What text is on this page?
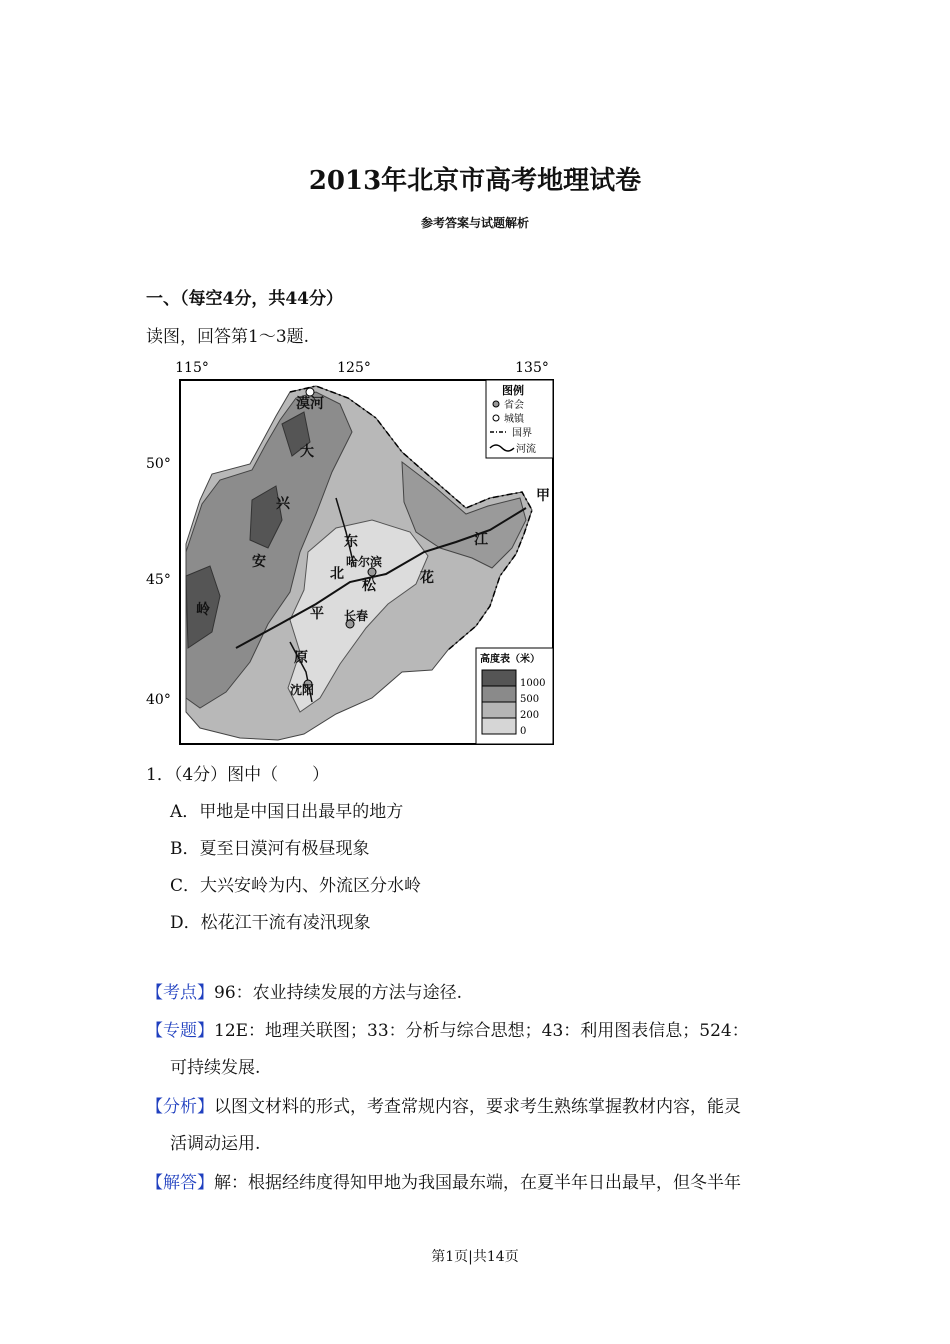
2013年北京市高考地理试卷
参考答案与试题解析
一、（每空4分，共44分）
读图，回答第1～3题.
115°	125°	135°
50°
45°
40°
漠河
大
兴
安
岭
东
北
哈尔滨
松	花
江
平 长春
原
沈阳
甲
图例
省会
城镇
国界
河流
高度表（米）
1000
500
200
0
1．（4分）图中（　　）
A．甲地是中国日出最早的地方
B．夏至日漠河有极昼现象
C．大兴安岭为内、外流区分水岭
D．松花江干流有凌汛现象
【考点】96：农业持续发展的方法与途径.
【专题】12E：地理关联图；33：分析与综合思想；43：利用图表信息；524：
可持续发展.
【分析】以图文材料的形式，考查常规内容，要求考生熟练掌握教材内容，能灵
活调动运用.
【解答】解：根据经纬度得知甲地为我国最东端，在夏半年日出最早，但冬半年
第1页|共14页
